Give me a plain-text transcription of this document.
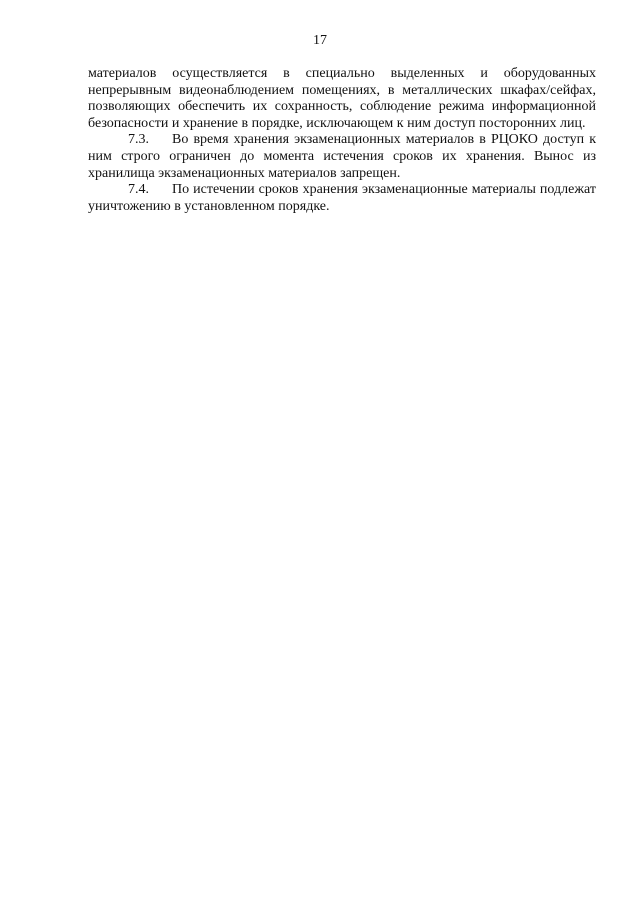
17

материалов осуществляется в специально выделенных и оборудованных непрерывным видеонаблюдением помещениях, в металлических шкафах/сейфах, позволяющих обеспечить их сохранность, соблюдение режима информационной безопасности и хранение в порядке, исключающем к ним доступ посторонних лиц.

7.3. Во время хранения экзаменационных материалов в РЦОКО доступ к ним строго ограничен до момента истечения сроков их хранения. Вынос из хранилища экзаменационных материалов запрещен.

7.4. По истечении сроков хранения экзаменационные материалы подлежат уничтожению в установленном порядке.
